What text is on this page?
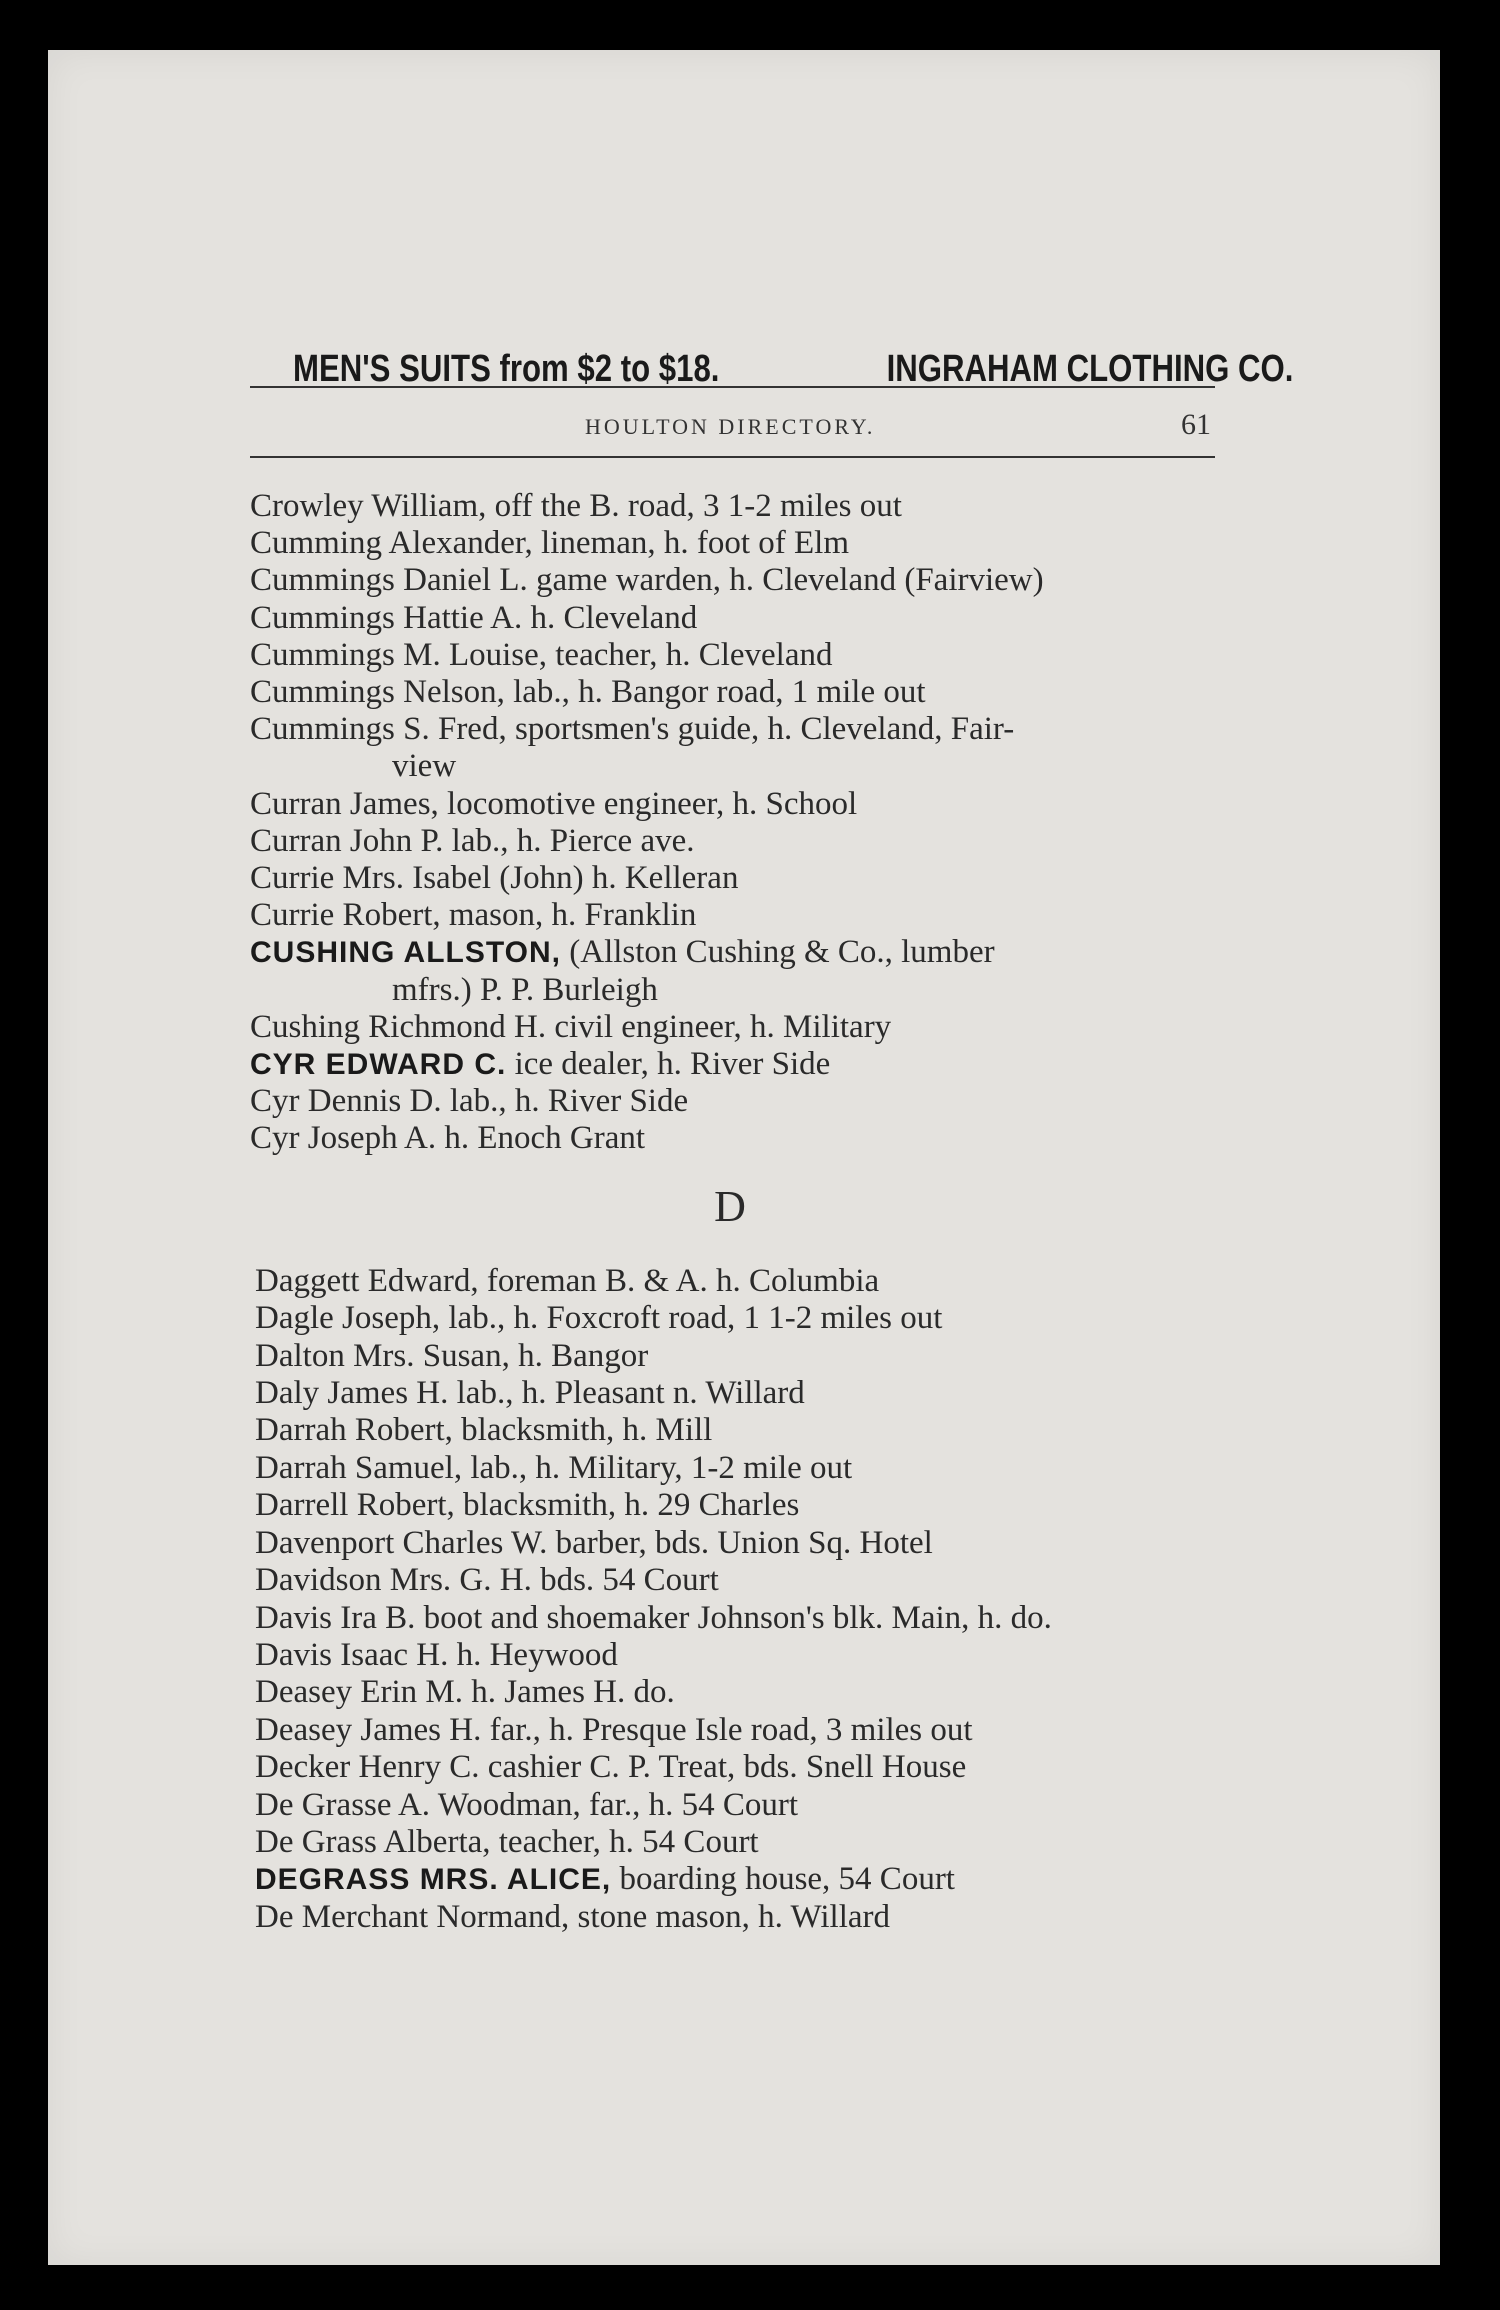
MEN'S SUITS from $2 to $18.	INGRAHAM CLOTHING CO.
HOULTON DIRECTORY.	61
Crowley William, off the B. road, 3 1-2 miles out
Cumming Alexander, lineman, h. foot of Elm
Cummings Daniel L. game warden, h. Cleveland (Fairview)
Cummings Hattie A. h. Cleveland
Cummings M. Louise, teacher, h. Cleveland
Cummings Nelson, lab., h. Bangor road, 1 mile out
Cummings S. Fred, sportsmen's guide, h. Cleveland, Fair-
view
Curran James, locomotive engineer, h. School
Curran John P. lab., h. Pierce ave.
Currie Mrs. Isabel (John) h. Kelleran
Currie Robert, mason, h. Franklin
CUSHING ALLSTON, (Allston Cushing & Co., lumber
mfrs.) P. P. Burleigh
Cushing Richmond H. civil engineer, h. Military
CYR EDWARD C. ice dealer, h. River Side
Cyr Dennis D. lab., h. River Side
Cyr Joseph A. h. Enoch Grant
D
Daggett Edward, foreman B. & A. h. Columbia
Dagle Joseph, lab., h. Foxcroft road, 1 1-2 miles out
Dalton Mrs. Susan, h. Bangor
Daly James H. lab., h. Pleasant n. Willard
Darrah Robert, blacksmith, h. Mill
Darrah Samuel, lab., h. Military, 1-2 mile out
Darrell Robert, blacksmith, h. 29 Charles
Davenport Charles W. barber, bds. Union Sq. Hotel
Davidson Mrs. G. H. bds. 54 Court
Davis Ira B. boot and shoemaker Johnson's blk. Main, h. do.
Davis Isaac H. h. Heywood
Deasey Erin M. h. James H. do.
Deasey James H. far., h. Presque Isle road, 3 miles out
Decker Henry C. cashier C. P. Treat, bds. Snell House
De Grasse A. Woodman, far., h. 54 Court
De Grass Alberta, teacher, h. 54 Court
DEGRASS MRS. ALICE, boarding house, 54 Court
De Merchant Normand, stone mason, h. Willard
